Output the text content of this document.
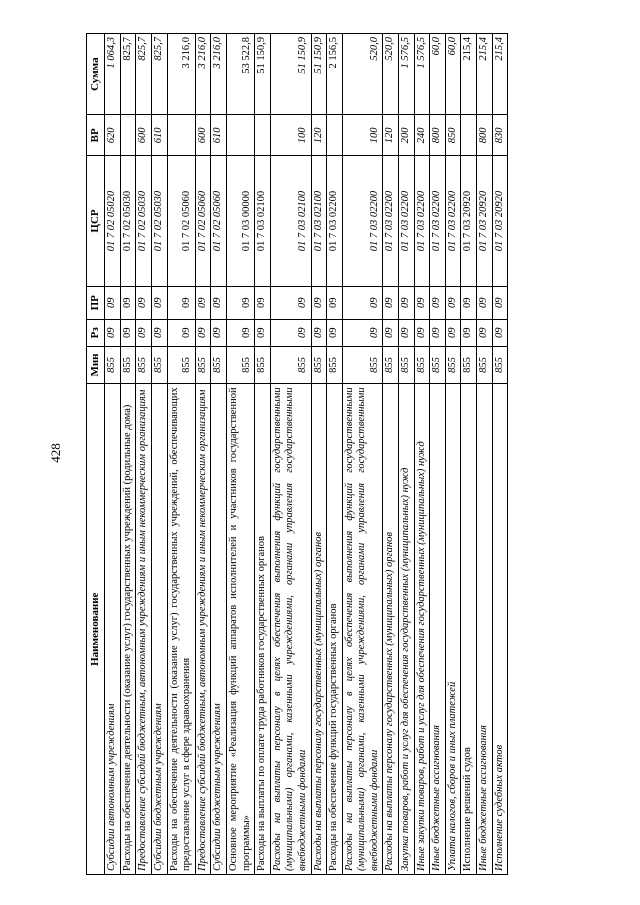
428
Наименование	Мин	Рз	ПР	ЦСР	ВР	Сумма
Субсидии автономным учреждениям	855	09	09	01 7 02 05020	620	1 064,3
Расходы на обеспечение деятельности (оказание услуг) государственных учреждений (родильные дома)	855	09	09	01 7 02 05030		825,7
Предоставление субсидий бюджетным, автономным учреждениям и иным некоммерческим организациям	855	09	09	01 7 02 05030	600	825,7
Субсидии бюджетным учреждениям	855	09	09	01 7 02 05030	610	825,7
Расходы на обеспечение деятельности (оказание услуг) государственных учреждений, обеспечивающих предоставление услуг в сфере здравоохранения	855	09	09	01 7 02 05060		3 216,0
Предоставление субсидий бюджетным, автономным учреждениям и иным некоммерческим организациям	855	09	09	01 7 02 05060	600	3 216,0
Субсидии бюджетным учреждениям	855	09	09	01 7 02 05060	610	3 216,0
Основное мероприятие «Реализация функций аппаратов исполнителей и участников государственной программы»	855	09	09	01 7 03 00000		53 522,8
Расходы на выплаты по оплате труда работников государственных органов	855	09	09	01 7 03 02100		51 150,9
Расходы на выплаты персоналу в целях обеспечения выполнения функций государственными (муниципальными) органами, казенными учреждениями, органами управления государственными внебюджетными фондами	855	09	09	01 7 03 02100	100	51 150,9
Расходы на выплаты персоналу государственных (муниципальных) органов	855	09	09	01 7 03 02100	120	51 150,9
Расходы на обеспечение функций государственных органов	855	09	09	01 7 03 02200		2 156,5
Расходы на выплаты персоналу в целях обеспечения выполнения функций государственными (муниципальными) органами, казенными учреждениями, органами управления государственными внебюджетными фондами	855	09	09	01 7 03 02200	100	520,0
Расходы на выплаты персоналу государственных (муниципальных) органов	855	09	09	01 7 03 02200	120	520,0
Закупка товаров, работ и услуг для обеспечения государственных (муниципальных) нужд	855	09	09	01 7 03 02200	200	1 576,5
Иные закупки товаров, работ и услуг для обеспечения государственных (муниципальных) нужд	855	09	09	01 7 03 02200	240	1 576,5
Иные бюджетные ассигнования	855	09	09	01 7 03 02200	800	60,0
Уплата налогов, сборов и иных платежей	855	09	09	01 7 03 02200	850	60,0
Исполнение решений судов	855	09	09	01 7 03 20920		215,4
Иные бюджетные ассигнования	855	09	09	01 7 03 20920	800	215,4
Исполнение судебных актов	855	09	09	01 7 03 20920	830	215,4
